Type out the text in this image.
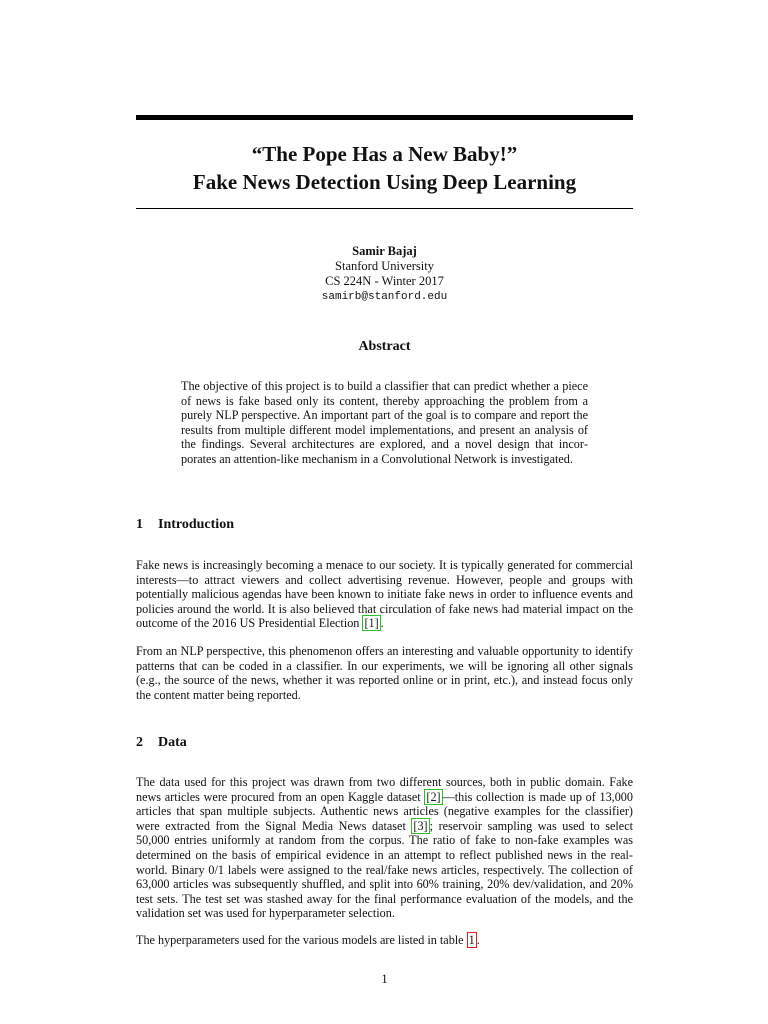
“The Pope Has a New Baby!”
Fake News Detection Using Deep Learning
Samir Bajaj
Stanford University
CS 224N - Winter 2017
samirb@stanford.edu
Abstract
The objective of this project is to build a classifier that can predict whether a piece of news is fake based only its content, thereby approaching the problem from a purely NLP perspective. An important part of the goal is to compare and report the results from multiple different model implementations, and present an analysis of the findings. Several architectures are explored, and a novel design that incorporates an attention-like mechanism in a Convolutional Network is investigated.
1 Introduction
Fake news is increasingly becoming a menace to our society. It is typically generated for commercial interests—to attract viewers and collect advertising revenue. However, people and groups with potentially malicious agendas have been known to initiate fake news in order to influence events and policies around the world. It is also believed that circulation of fake news had material impact on the outcome of the 2016 US Presidential Election [1] .
From an NLP perspective, this phenomenon offers an interesting and valuable opportunity to identify patterns that can be coded in a classifier. In our experiments, we will be ignoring all other signals (e.g., the source of the news, whether it was reported online or in print, etc.), and instead focus only the content matter being reported.
2 Data
The data used for this project was drawn from two different sources, both in public domain. Fake news articles were procured from an open Kaggle dataset [2] —this collection is made up of 13,000 articles that span multiple subjects. Authentic news articles (negative examples for the classifier) were extracted from the Signal Media News dataset [3] ; reservoir sampling was used to select 50,000 entries uniformly at random from the corpus. The ratio of fake to non-fake examples was determined on the basis of empirical evidence in an attempt to reflect published news in the real-world. Binary 0/1 labels were assigned to the real/fake news articles, respectively. The collection of 63,000 articles was subsequently shuffled, and split into 60% training, 20% dev/validation, and 20% test sets. The test set was stashed away for the final performance evaluation of the models, and the validation set was used for hyperparameter selection.
The hyperparameters used for the various models are listed in table 1 .
1
